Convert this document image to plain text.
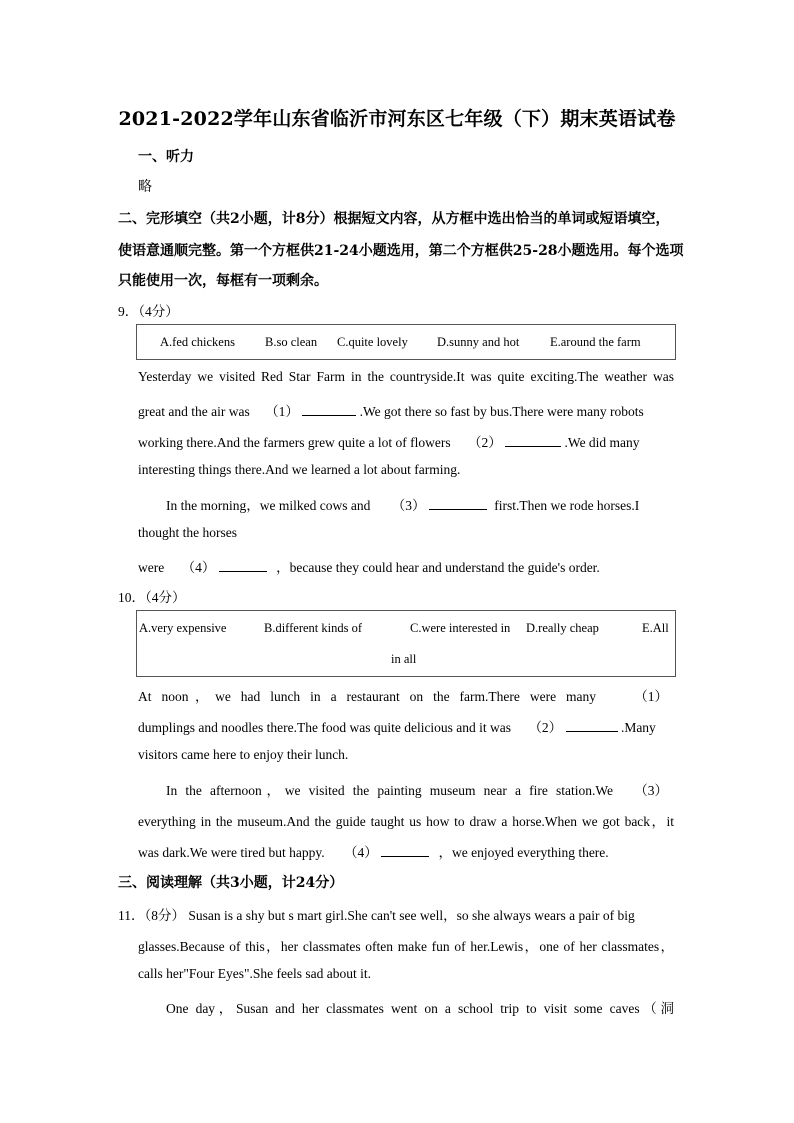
2021-2022学年山东省临沂市河东区七年级（下）期末英语试卷
一、听力
略
二、完形填空（共2小题，计8分）根据短文内容，从方框中选出恰当的单词或短语填空，
使语意通顺完整。第一个方框供21-24小题选用，第二个方框供25-28小题选用。每个选项
只能使用一次，每框有一项剩余。
9．（4分）
A.fed chickens B.so clean C.quite lovely D.sunny and hot E.around the farm
Yesterday we visited Red Star Farm in the countryside.It was quite exciting.The weather was
great and the air was （1）	.We got there so fast by bus.There were many robots
working there.And the farmers grew quite a lot of flowers （2）	.We did many
interesting things there.And we learned a lot about farming.
In the morning，we milked cows and （3）	first.Then we rode horses.I
thought the horses
were （4）	，because they could hear and understand the guide's order.
10．（4分）
A.very expensive	B.different kinds of	C.were interested in D.really cheap	E.All
in all
At noon，we had lunch in a restaurant on the farm.There were many	（1）
dumplings and noodles there.The food was quite delicious and it was （2）	.Many
visitors came here to enjoy their lunch.
In the afternoon，we visited the painting museum near a fire station.We （3）
everything in the museum.And the guide taught us how to draw a horse.When we got back，it
was dark.We were tired but happy. （4）	，we enjoyed everything there.
三、阅读理解（共3小题，计24分）
11．（8分） Susan is a shy but s mart girl.She can't see well，so she always wears a pair of big
glasses.Because of this，her classmates often make fun of her.Lewis，one of her classmates，
calls her"Four Eyes".She feels sad about it.
One day，Susan and her classmates went on a school trip to visit some caves（洞
